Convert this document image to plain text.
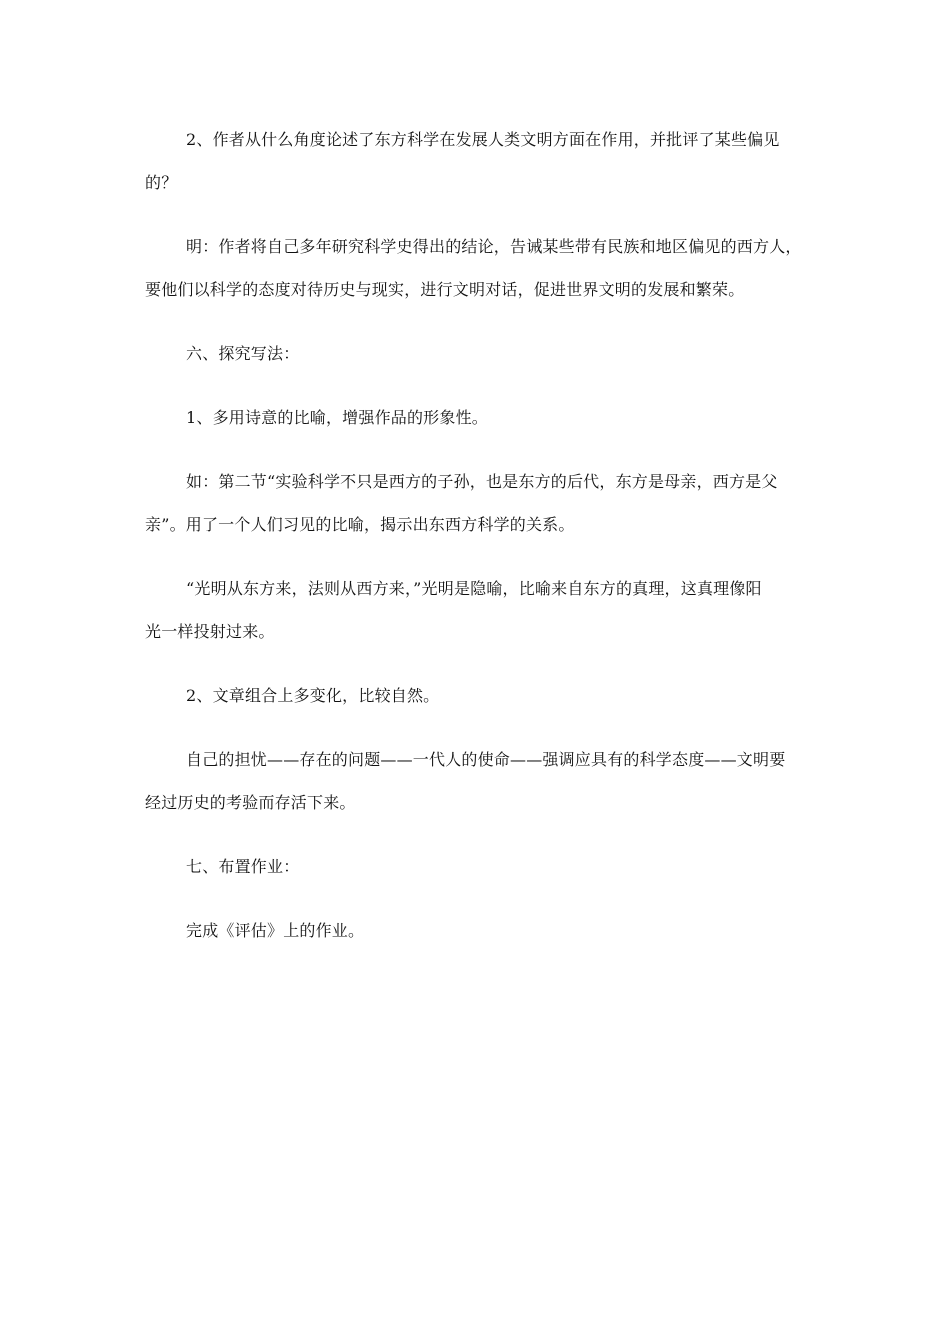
2、作者从什么角度论述了东方科学在发展人类文明方面在作用，并批评了某些偏见
的？

明：作者将自己多年研究科学史得出的结论，告诫某些带有民族和地区偏见的西方人，
要他们以科学的态度对待历史与现实，进行文明对话，促进世界文明的发展和繁荣。

六、探究写法：

1、多用诗意的比喻，增强作品的形象性。

如：第二节“实验科学不只是西方的子孙，也是东方的后代，东方是母亲，西方是父
亲”。用了一个人们习见的比喻，揭示出东西方科学的关系。

“光明从东方来，法则从西方来，”光明是隐喻，比喻来自东方的真理，这真理像阳
光一样投射过来。

2、文章组合上多变化，比较自然。

自己的担忧——存在的问题——一代人的使命——强调应具有的科学态度——文明要
经过历史的考验而存活下来。

七、布置作业：

完成《评估》上的作业。
